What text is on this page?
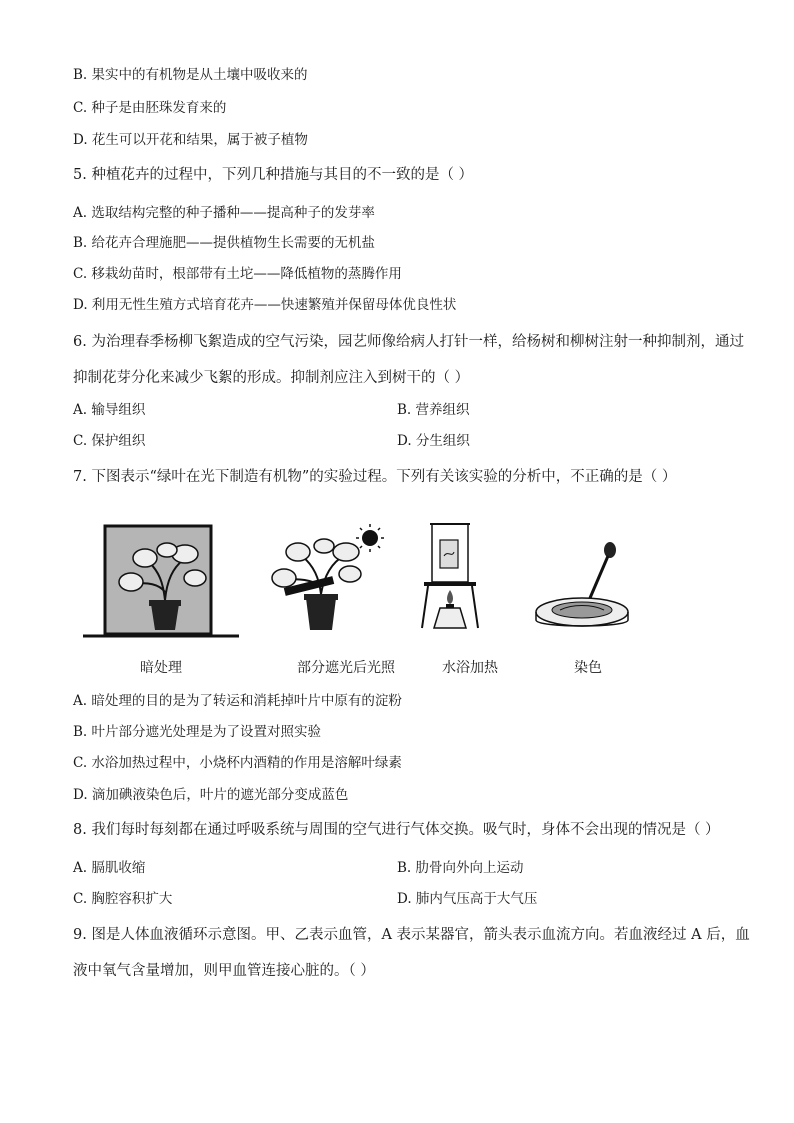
B. 果实中的有机物是从土壤中吸收来的
C. 种子是由胚珠发育来的
D. 花生可以开花和结果，属于被子植物
5. 种植花卉的过程中，下列几种措施与其目的不一致的是（ ）
A. 选取结构完整的种子播种——提高种子的发芽率
B. 给花卉合理施肥——提供植物生长需要的无机盐
C. 移栽幼苗时，根部带有土坨——降低植物的蒸腾作用
D. 利用无性生殖方式培育花卉——快速繁殖并保留母体优良性状
6. 为治理春季杨柳飞絮造成的空气污染，园艺师像给病人打针一样，给杨树和柳树注射一种抑制剂，通过
抑制花芽分化来减少飞絮的形成。抑制剂应注入到树干的（ ）
A. 输导组织	B. 营养组织
C. 保护组织	D. 分生组织
7. 下图表示“绿叶在光下制造有机物”的实验过程。下列有关该实验的分析中，不正确的是（ ）
暗处理	部分遮光后光照	水浴加热	染色
A. 暗处理的目的是为了转运和消耗掉叶片中原有的淀粉
B. 叶片部分遮光处理是为了设置对照实验
C. 水浴加热过程中，小烧杯内酒精的作用是溶解叶绿素
D. 滴加碘液染色后，叶片的遮光部分变成蓝色
8. 我们每时每刻都在通过呼吸系统与周围的空气进行气体交换。吸气时，身体不会出现的情况是（ ）
A. 膈肌收缩	B. 肋骨向外向上运动
C. 胸腔容积扩大	D. 肺内气压高于大气压
9. 图是人体血液循环示意图。甲、乙表示血管，A 表示某器官，箭头表示血流方向。若血液经过 A 后，血
液中氧气含量增加，则甲血管连接心脏的。（ ）
